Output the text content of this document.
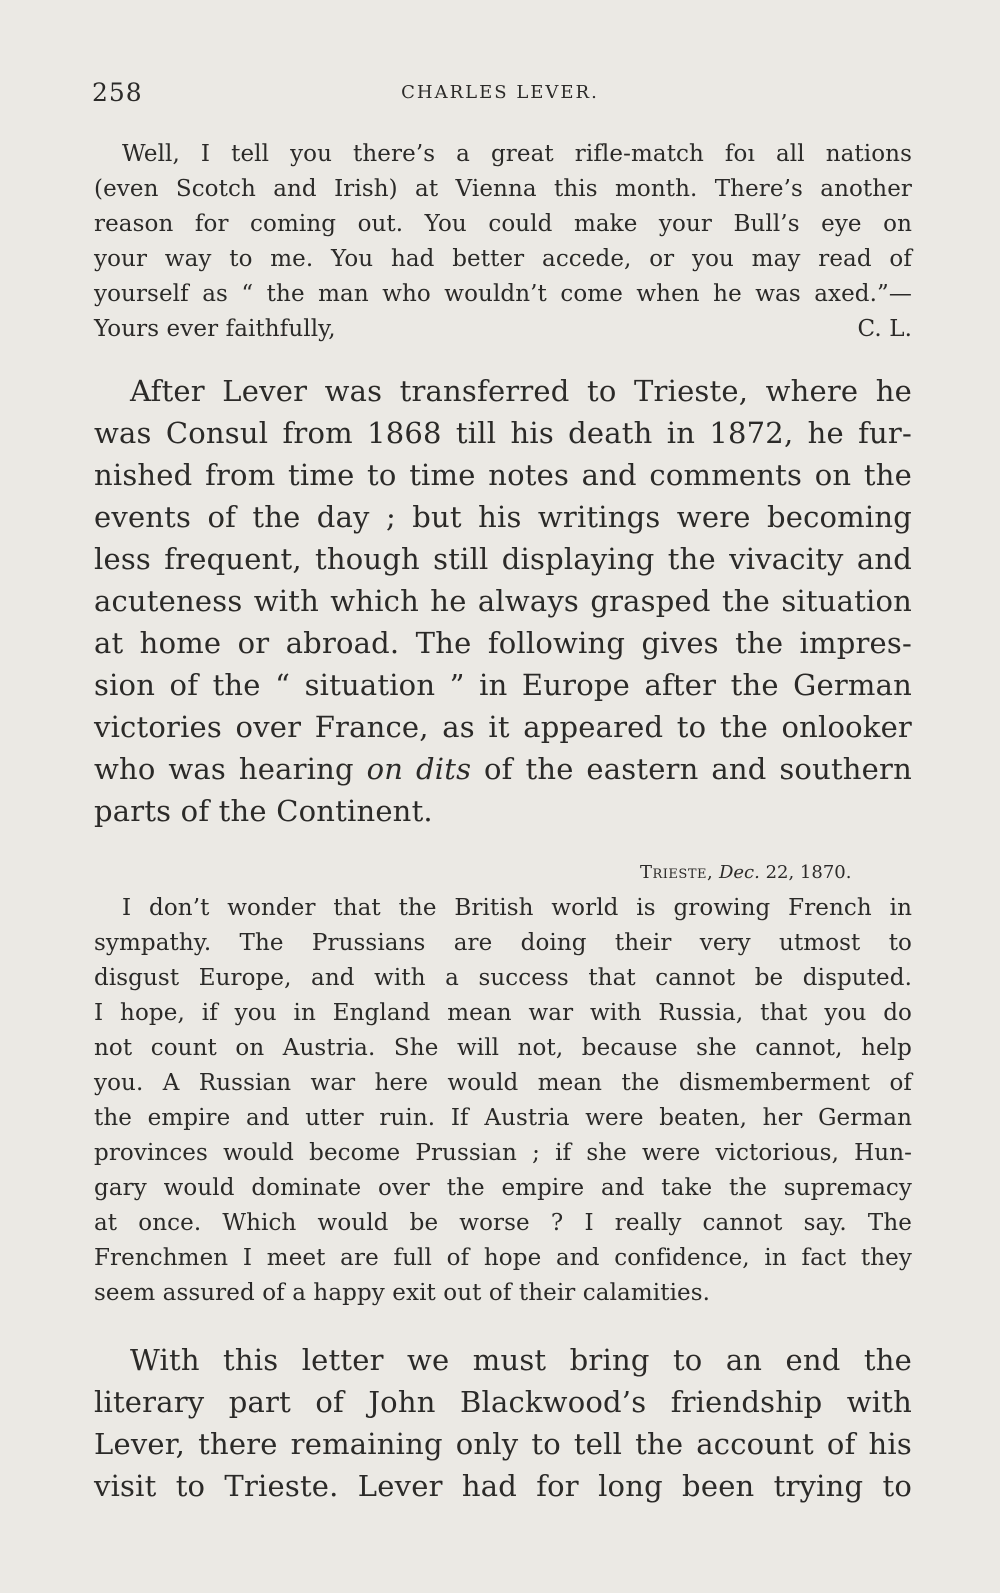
258	CHARLES LEVER.
Well, I tell you there’s a great rifle-match foı all nations
(even Scotch and Irish) at Vienna this month. There’s another
reason for coming out. You could make your Bull’s eye on
your way to me. You had better accede, or you may read of
yourself as “ the man who wouldn’t come when he was axed.”—
Yours ever faithfully,	C. L.
After Lever was transferred to Trieste, where he
was Consul from 1868 till his death in 1872, he fur-
nished from time to time notes and comments on the
events of the day ; but his writings were becoming
less frequent, though still displaying the vivacity and
acuteness with which he always grasped the situation
at home or abroad. The following gives the impres-
sion of the “ situation ” in Europe after the German
victories over France, as it appeared to the onlooker
who was hearing on dits of the eastern and southern
parts of the Continent.
Trieste, Dec. 22, 1870.
I don’t wonder that the British world is growing French in
sympathy. The Prussians are doing their very utmost to
disgust Europe, and with a success that cannot be disputed.
I hope, if you in England mean war with Russia, that you do
not count on Austria. She will not, because she cannot, help
you. A Russian war here would mean the dismemberment of
the empire and utter ruin. If Austria were beaten, her German
provinces would become Prussian ; if she were victorious, Hun-
gary would dominate over the empire and take the supremacy
at once. Which would be worse ? I really cannot say. The
Frenchmen I meet are full of hope and confidence, in fact they
seem assured of a happy exit out of their calamities.
With this letter we must bring to an end the
literary part of John Blackwood’s friendship with
Lever, there remaining only to tell the account of his
visit to Trieste. Lever had for long been trying to
